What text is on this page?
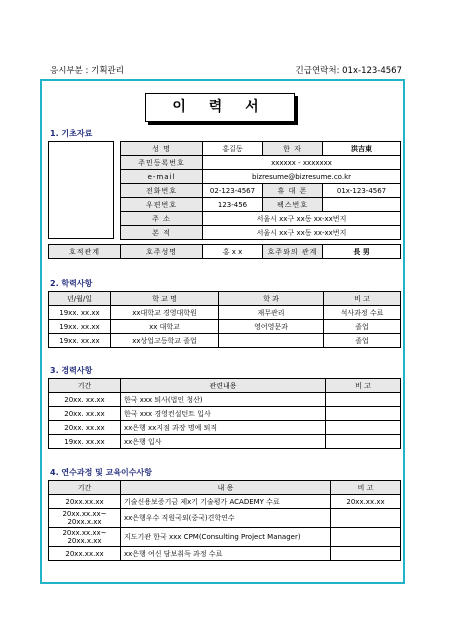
응시부분 : 기획관리	긴급연락처: 01x-123-4567
이 력 서
1. 기초자료
성 명	홍길동	한 자	洪吉東
주민등록번호	xxxxxx - xxxxxxx		
e-mail	bizresume@bizresume.co.kr		
전화번호	02-123-4567	휴 대 폰	01x-123-4567
우편번호	123-456	팩스번호	
주 소	서울시 xx구 xx동 xx-xx번지		
본 적	서울시 xx구 xx동 xx-xx번지		
호적관계	호주성명	홍 x x	호주와의 관계	長 男
2. 학력사항
년/월/일	학 교 명	학 과	비 고
19xx. xx.xx	xx대학교 경영대학원	재무관리	석사과정 수료
19xx. xx.xx	xx 대학교	영어영문과	졸업
19xx. xx.xx	xx상업고등학교 졸업		졸업
3. 경력사항
기간	관련내용	비 고
20xx. xx.xx	한국 xxx 퇴사(법인 청산)	
20xx. xx.xx	한국 xxx 경영컨설턴트 입사	
20xx. xx.xx	xx은행 xx지점 과장 명예 퇴직	
19xx. xx.xx	xx은행 입사	
4. 연수과정 및 교육이수사항
기간	내 용	비 고
20xx.xx.xx	기술신용보증기금 제x기 기술평가 ACADEMY 수료	20xx.xx.xx
20xx.xx.xx~
20xx.x.xx	xx은행우수 직원국외(중국)견학연수	
20xx.xx.xx~
20xx.x.xx	지도기관 한국 xxx CPM(Consulting Project Manager)	
20xx.xx.xx	xx은행 여신 담보취득 과정 수료	
